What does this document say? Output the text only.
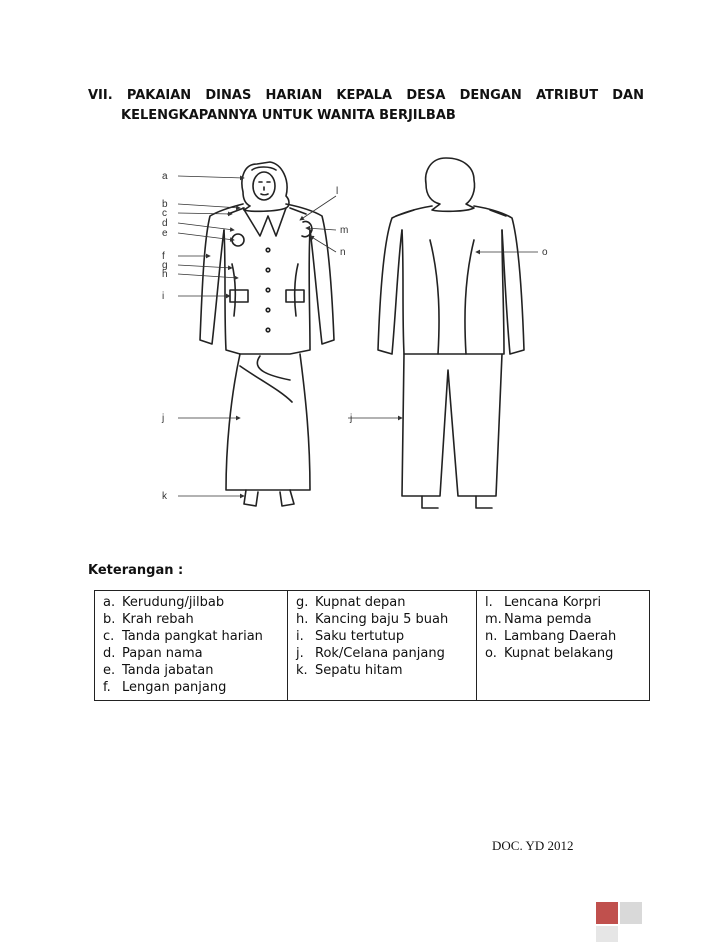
VII. PAKAIAN DINAS HARIAN KEPALA DESA DENGAN ATRIBUT DAN
KELENGKAPANNYA UNTUK WANITA BERJILBAB
a
b
c
d
e
f
g
h
i
j
k
l
m
n
j
o
Keterangan :
a. Kerudung/jilbab
b. Krah rebah
c. Tanda pangkat harian
d. Papan nama
e. Tanda jabatan
f. Lengan panjang

g. Kupnat depan
h. Kancing baju 5 buah
i. Saku tertutup
j. Rok/Celana panjang
k. Sepatu hitam

l. Lencana Korpri
m. Nama pemda
n. Lambang Daerah
o. Kupnat belakang
DOC. YD 2012
